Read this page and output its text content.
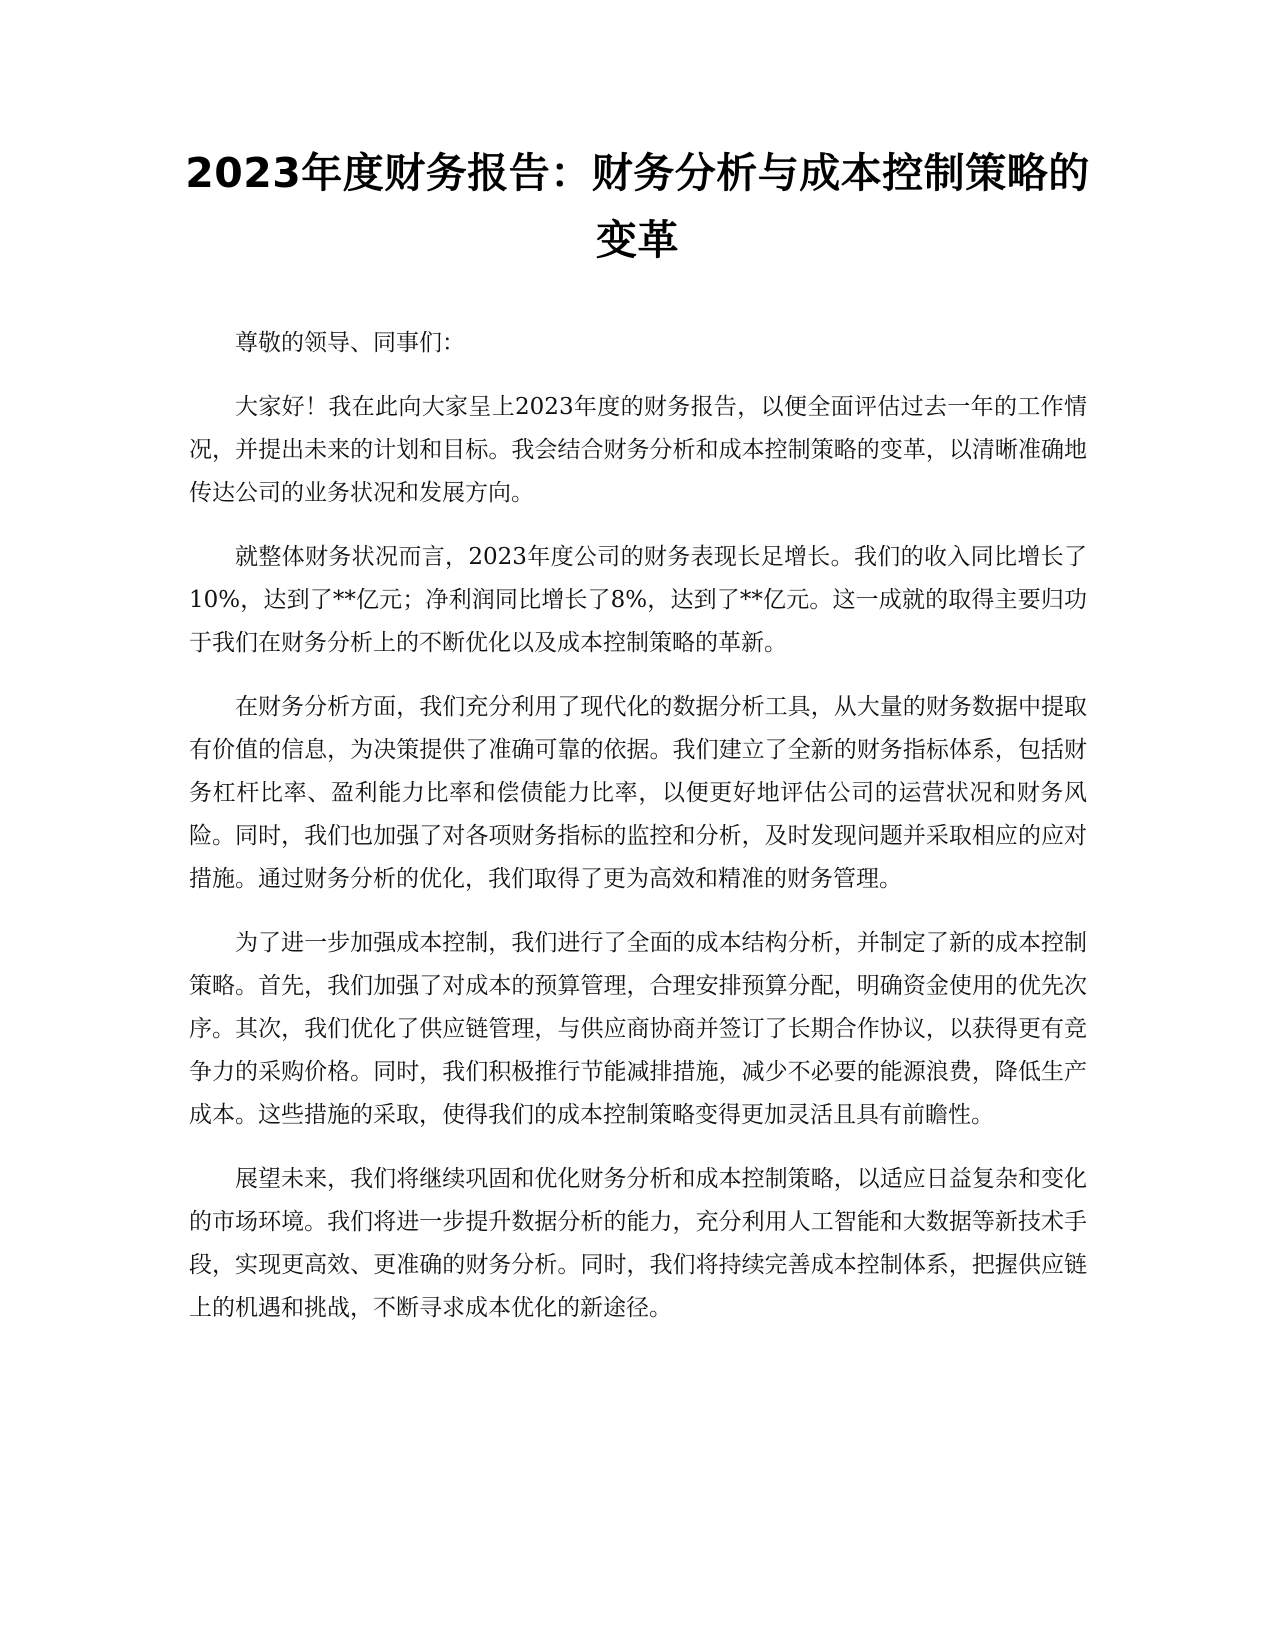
2023年度财务报告：财务分析与成本控制策略的变革

尊敬的领导、同事们：

大家好！我在此向大家呈上2023年度的财务报告，以便全面评估过去一年的工作情况，并提出未来的计划和目标。我会结合财务分析和成本控制策略的变革，以清晰准确地传达公司的业务状况和发展方向。

就整体财务状况而言，2023年度公司的财务表现长足增长。我们的收入同比增长了10%，达到了**亿元；净利润同比增长了8%，达到了**亿元。这一成就的取得主要归功于我们在财务分析上的不断优化以及成本控制策略的革新。

在财务分析方面，我们充分利用了现代化的数据分析工具，从大量的财务数据中提取有价值的信息，为决策提供了准确可靠的依据。我们建立了全新的财务指标体系，包括财务杠杆比率、盈利能力比率和偿债能力比率，以便更好地评估公司的运营状况和财务风险。同时，我们也加强了对各项财务指标的监控和分析，及时发现问题并采取相应的应对措施。通过财务分析的优化，我们取得了更为高效和精准的财务管理。

为了进一步加强成本控制，我们进行了全面的成本结构分析，并制定了新的成本控制策略。首先，我们加强了对成本的预算管理，合理安排预算分配，明确资金使用的优先次序。其次，我们优化了供应链管理，与供应商协商并签订了长期合作协议，以获得更有竞争力的采购价格。同时，我们积极推行节能减排措施，减少不必要的能源浪费，降低生产成本。这些措施的采取，使得我们的成本控制策略变得更加灵活且具有前瞻性。

展望未来，我们将继续巩固和优化财务分析和成本控制策略，以适应日益复杂和变化的市场环境。我们将进一步提升数据分析的能力，充分利用人工智能和大数据等新技术手段，实现更高效、更准确的财务分析。同时，我们将持续完善成本控制体系，把握供应链上的机遇和挑战，不断寻求成本优化的新途径。
